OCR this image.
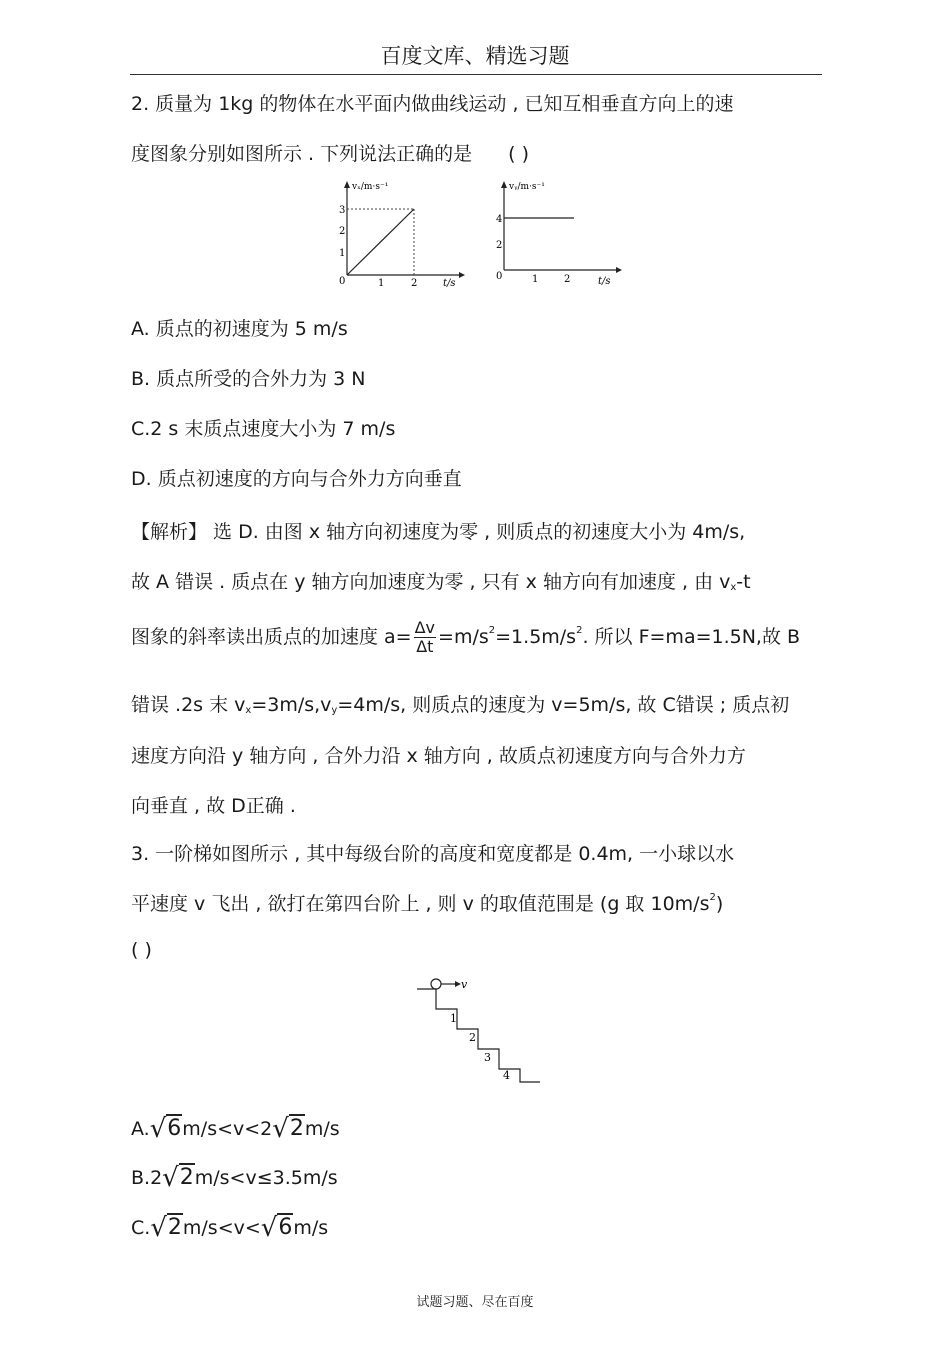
百度文库、精选习题
2. 质量为 1kg 的物体在水平面内做曲线运动 , 已知互相垂直方向上的速
度图象分别如图所示 . 下列说法正确的是 ( )
vₓ/m·s⁻¹
t/s
0
1
2
3
1	2
vᵧ/m·s⁻¹
t/s
0
2
4
1	2
A. 质点的初速度为 5 m/s
B. 质点所受的合外力为 3 N
C.2 s 末质点速度大小为 7 m/s
D. 质点初速度的方向与合外力方向垂直
【解析】 选 D. 由图 x 轴方向初速度为零 , 则质点的初速度大小为 4m/s,
故 A 错误 . 质点在 y 轴方向加速度为零 , 只有 x 轴方向有加速度 , 由 $v_x-t$
图象的斜率读出质点的加速度 $a= \frac{\Delta v}{\Delta t} =m/s^2=1.5m/s^2$. 所以 F=ma=1.5N,故 B
错误 .2s 末 $v_x=3m/s,v_y=4m/s$, 则质点的速度为 v=5m/s, 故 C错误 ; 质点初
速度方向沿 y 轴方向 , 合外力沿 x 轴方向 , 故质点初速度方向与合外力方
向垂直 , 故 D正确 .
3. 一阶梯如图所示 , 其中每级台阶的高度和宽度都是 0.4m, 一小球以水
平速度 v 飞出 , 欲打在第四台阶上 , 则 v 的取值范围是 (g 取 $10m/s^2$)
( )
v
1
2
3
4
A.√6m/s<v<2√2m/s
B.2√2m/s<v≤3.5m/s
C.√2m/s<v<√6m/s
试题习题、尽在百度
